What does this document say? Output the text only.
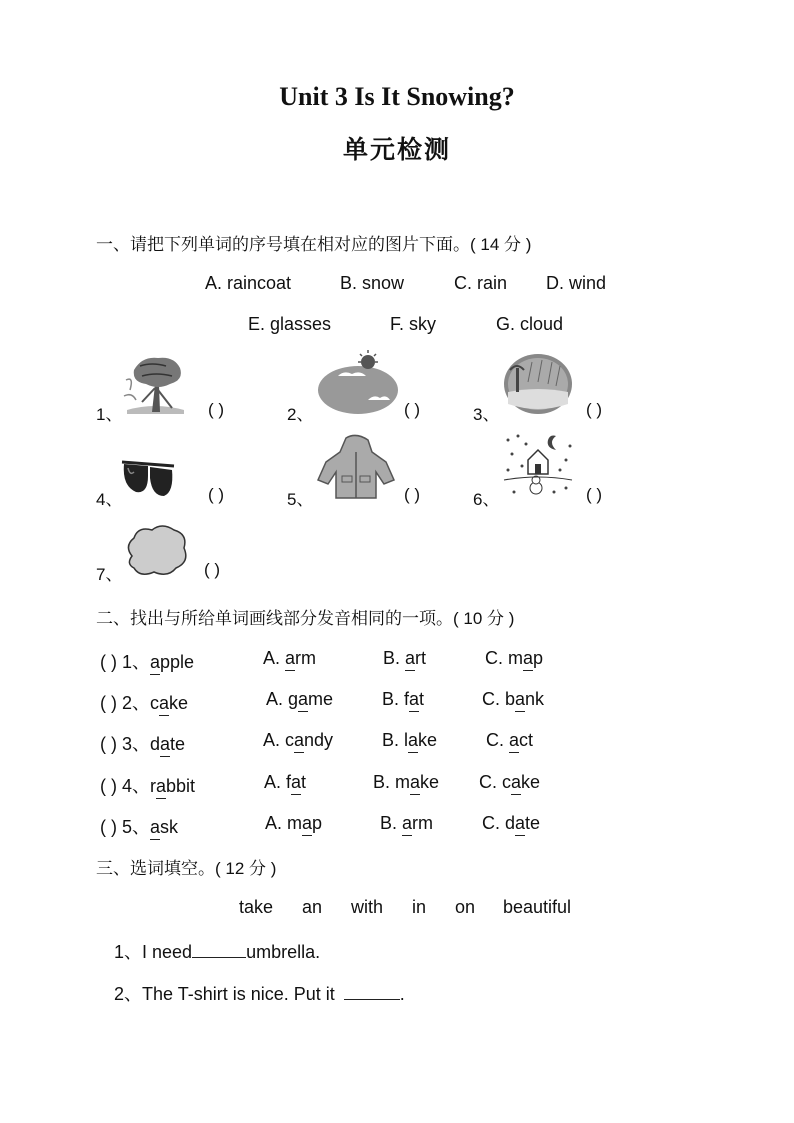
Unit 3 Is It Snowing?
单元检测
一、请把下列单词的序号填在相对应的图片下面。( 14 分 )
A. raincoat	B. snow	C. rain D. wind
E. glasses	F. sky	G. cloud
1、	( )	2、	( )	3、	( )
4、	( )	5、	( )	6、	( )
7、	( )
二、找出与所给单词画线部分发音相同的一项。( 10 分 )
( ) 1、apple	A. arm	B. art	C. map
( ) 2、cake	A. game	B. fat	C. bank
( ) 3、date	A. candy	B. lake	C. act
( ) 4、rabbit	A. fat	B. make C. cake
( ) 5、ask	A. map	B. arm	C. date
三、选词填空。( 12 分 )
take an with in on beautiful
1、I need	umbrella.
2、The T-shirt is nice. Put it	.
